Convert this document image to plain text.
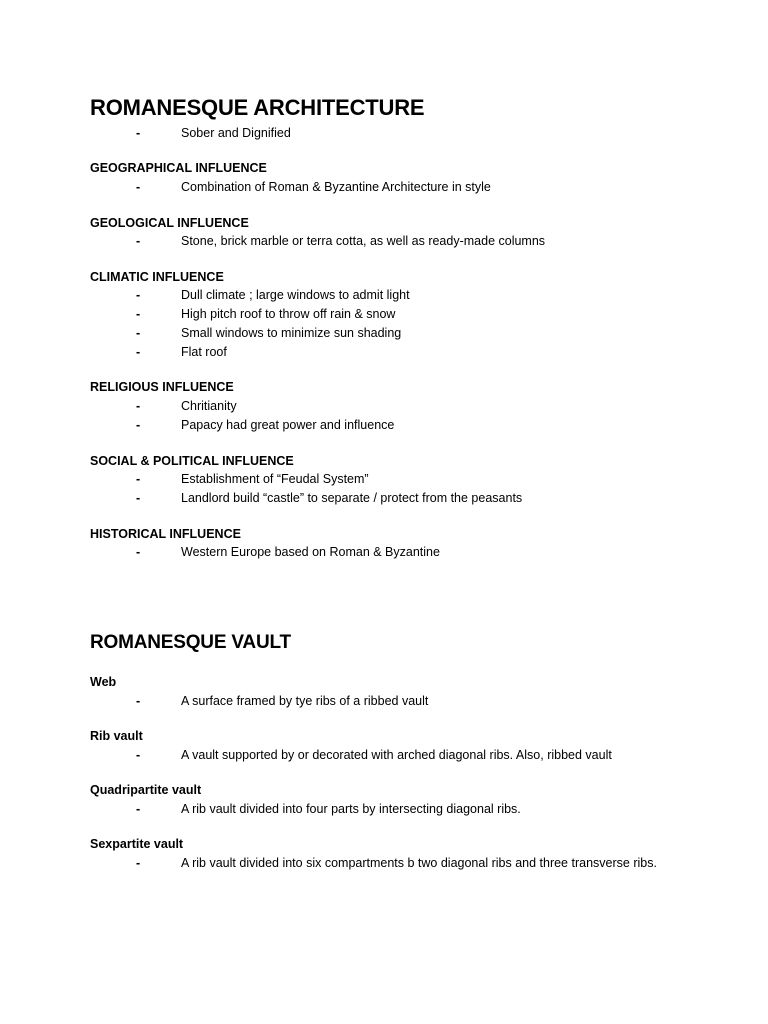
ROMANESQUE ARCHITECTURE
-	Sober and Dignified
GEOGRAPHICAL INFLUENCE
-	Combination of Roman & Byzantine Architecture in style
GEOLOGICAL INFLUENCE
-	Stone, brick marble or terra cotta, as well as ready-made columns
CLIMATIC INFLUENCE
-	Dull climate ; large windows to admit light
-	High pitch roof to throw off rain & snow
-	Small windows to minimize sun shading
-	Flat roof
RELIGIOUS INFLUENCE
-	Chritianity
-	Papacy had great power and influence
SOCIAL & POLITICAL INFLUENCE
-	Establishment of “Feudal System”
-	Landlord build “castle” to separate / protect from the peasants
HISTORICAL INFLUENCE
-	Western Europe based on Roman & Byzantine
ROMANESQUE VAULT
Web
-	A surface framed by tye ribs of a ribbed vault
Rib vault
-	A vault supported by or decorated with arched diagonal ribs. Also, ribbed vault
Quadripartite vault
-	A rib vault divided into four parts by intersecting diagonal ribs.
Sexpartite vault
-	A rib vault divided into six compartments b two diagonal ribs and three transverse ribs.
